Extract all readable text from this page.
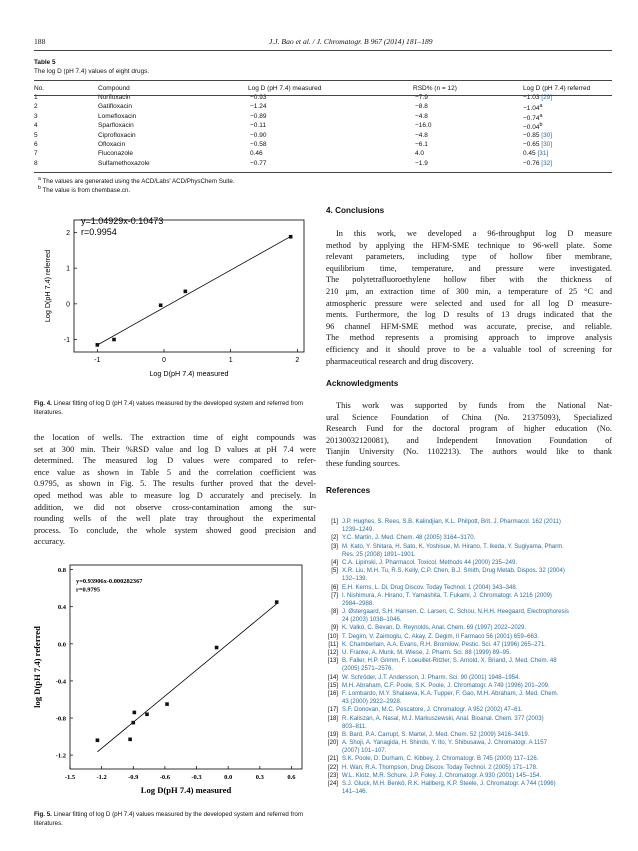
188	J.J. Bao et al. / J. Chromatogr. B 967 (2014) 181–189
Table 5
The log D (pH 7.4) values of eight drugs.
No.	Compound	Log D (pH 7.4) measured	RSD% (n = 12)	Log D (pH 7.4) referred
1	Norfloxacin	−0.93	−7.9	−1.03 [29]
2	Gatifloxacin	−1.24	−8.8	−1.04$^a$
3	Lomefloxacin	−0.89	−4.8	−0.74$^a$
4	Sparfloxacin	−0.11	−16.0	−0.04$^b$
5	Ciprofloxacin	−0.90	−4.8	−0.85 [30]
6	Ofloxacin	−0.58	−6.1	−0.65 [30]
7	Fluconazole	0.46	4.0	0.45 [31]
8	Sulfamethoxazole	−0.77	−1.9	−0.76 [32]
$^a$ The values are generated using the ACD/Labs' ACD/PhysChem Suite.
$^b$ The value is from chembase.cn.
-1	0	1	2
-1
0
1
2
y=1.04929x-0.10473
r=0.9954
Log D(pH 7.4) measured
Log D(pH 7.4) referred
Fig. 4. Linear fitting of log D (pH 7.4) values measured by the developed system and referred from literatures.
the location of wells. The extraction time of eight compounds was
set at 300 min. Their %RSD value and log D values at pH 7.4 were
determined. The measured log D values were compared to refer-
ence value as shown in Table 5 and the correlation coefficient was
0.9795, as shown in Fig. 5. The results further proved that the devel-
oped method was able to measure log D accurately and precisely. In
addition, we did not observe cross-contamination among the sur-
rounding wells of the well plate tray throughout the experimental
process. To conclude, the whole system showed good precision and
accuracy.
-1.5	-1.2	-0.9	-0.6	-0.3	0.0	0.3	0.6
0.8
0.4
0.0
-0.4
-0.8
-1.2
y=0.93906x-0.000282367
r=0.9795
Log D(pH 7.4) measured
log D(pH 7.4) referred
Fig. 5. Linear fitting of log D (pH 7.4) values measured by the developed system and referred from literatures.
4. Conclusions
In this work, we developed a 96-throughput log D measure
method by applying the HFM-SME technique to 96-well plate. Some
relevant parameters, including type of hollow fiber membrane,
equilibrium time, temperature, and pressure were investigated.
The polytetrafluoroethylene hollow fiber with the thickness of
210 μm, an extraction time of 300 min, a temperature of 25 °C and
atmospheric pressure were selected and used for all log D measure-
ments. Furthermore, the log D results of 13 drugs indicated that the
96 channel HFM-SME method was accurate, precise, and reliable.
The method represents a promising approach to improve analysis
efficiency and it should prove to be a valuable tool of screening for
pharmaceutical research and drug discovery.
Acknowledgments
This work was supported by funds from the National Nat-
ural Science Foundation of China (No. 21375093), Specialized
Research Fund for the doctoral program of higher education (No.
20130032120081), and Independent Innovation Foundation of
Tianjin University (No. 1102213). The authors would like to thank
these funding sources.
References
[1] J.P. Hughes, S. Rees, S.B. Kalindjian, K.L. Philpott, Brit. J. Pharmacol. 162 (2011)
1239–1249.
[2] Y.C. Martin, J. Med. Chem. 48 (2005) 3164–3170.
[3] M. Kato, Y. Shitara, H. Sato, K. Yoshisue, M. Hirano, T. Ikeda, Y. Sugiyama, Pharm.
Res. 25 (2008) 1891–1901.
[4] C.A. Lipinski, J. Pharmacol. Toxicol. Methods 44 (2000) 235–249.
[5] X.R. Liu, M.H. Tu, R.S. Kelly, C.P. Chen, B.J. Smith, Drug Metab. Dispos. 32 (2004)
132–139.
[6] E.H. Kerns, L. Di, Drug Discov. Today Technol. 1 (2004) 343–348.
[7] I. Nishimura, A. Hirano, T. Yamashita, T. Fukami, J. Chromatogr. A 1216 (2009)
2984–2988.
[8] J. Østergaard, S.H. Hansen, C. Larsen, C. Schou, N.H.H. Heegaard, Electrophoresis
24 (2003) 1038–1046.
[9] K. Valkó, C. Bevan, D. Reynolds, Anal. Chem. 69 (1997) 2022–2029.
[10] T. Degim, V. Zaimoglu, C. Akay, Z. Degim, Il Farmaco 56 (2001) 659–663.
[11] K. Chamberlain, A.A. Evans, R.H. Bromilow, Pestic. Sci. 47 (1996) 265–271.
[12] U. Franke, A. Munk, M. Wiese, J. Pharm. Sci. 88 (1999) 89–95.
[13] B. Faller, H.P. Grimm, F. Loeuillet-Ritzler, S. Arnold, X. Briand, J. Med. Chem. 48
(2005) 2571–2576.
[14] W. Schröder, J.T. Andersson, J. Pharm. Sci. 90 (2001) 1948–1954.
[15] M.H. Abraham, C.F. Poole, S.K. Poole, J. Chromatogr. A 749 (1996) 201–209.
[16] F. Lombardo, M.Y. Shalaeva, K.A. Tupper, F. Gao, M.H. Abraham, J. Med. Chem.
43 (2000) 2922–2928.
[17] S.F. Donovan, M.C. Pescatore, J. Chromatogr. A 952 (2002) 47–61.
[18] R. Kaliszan, A. Nasal, M.J. Markuszewski, Anal. Bioanal. Chem. 377 (2003)
803–811.
[19] B. Bard, P.A. Carrupt, S. Martel, J. Med. Chem. 52 (2009) 3416–3419.
[20] A. Shoji, A. Yanagida, H. Shindo, Y. Ito, Y. Shibusawa, J. Chromatogr. A 1157
(2007) 101–107.
[21] S.K. Poole, D. Durham, C. Kibbey, J. Chromatogr. B 745 (2000) 117–126.
[22] H. Wan, R.A. Thompson, Drug Discov. Today Technol. 2 (2005) 171–178.
[23] W.L. Klotz, M.R. Schure, J.P. Foley, J. Chromatogr. A 930 (2001) 145–154.
[24] S.J. Gluck, M.H. Benkö, R.K. Hallberg, K.P. Steele, J. Chromatogr. A 744 (1996)
141–146.
